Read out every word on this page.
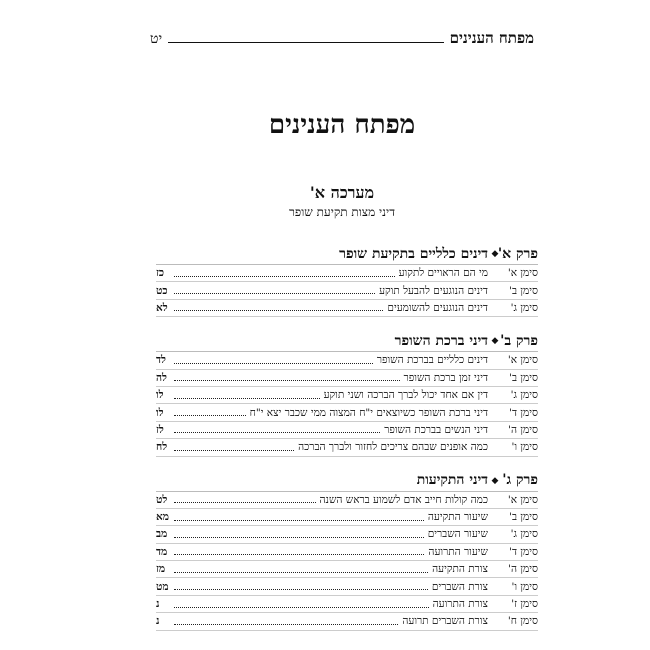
מפתח הענינים
יט
מפתח הענינים
מערכה א'
דיני מצות תקיעת שופר
פרק א'
◆
דינים כלליים בתקיעת שופר
סימן א'
מי הם הראויים לתקוע
כז
סימן ב'
דינים הנוגעים להבעל תוקע
כט
סימן ג'
דינים הנוגעים להשומעים
לא
פרק ב'
◆
דיני ברכת השופר
סימן א'
דינים כלליים בברכת השופר
לד
סימן ב'
דיני זמן ברכת השופר
לה
סימן ג'
דין אם אחד יכול לברך הברכה ושני תוקע
לו
סימן ד'
דיני ברכת השופר כשיוצאים י"ח המצוה ממי שכבר יצא י"ח
לו
סימן ה'
דיני הנשים בברכת השופר
לז
סימן ו'
כמה אופנים שבהם צריכים לחזור ולברך הברכה
לח
פרק ג'
◆
דיני התקיעות
סימן א'
כמה קולות חייב אדם לשמוע בראש השנה
לט
סימן ב'
שיעור התקיעה
מא
סימן ג'
שיעור השברים
מב
סימן ד'
שיעור התרועה
מד
סימן ה'
צורת התקיעה
מז
סימן ו'
צורת השברים
מט
סימן ז'
צורת התרועה
נ
סימן ח'
צורת השברים תרועה
נ
